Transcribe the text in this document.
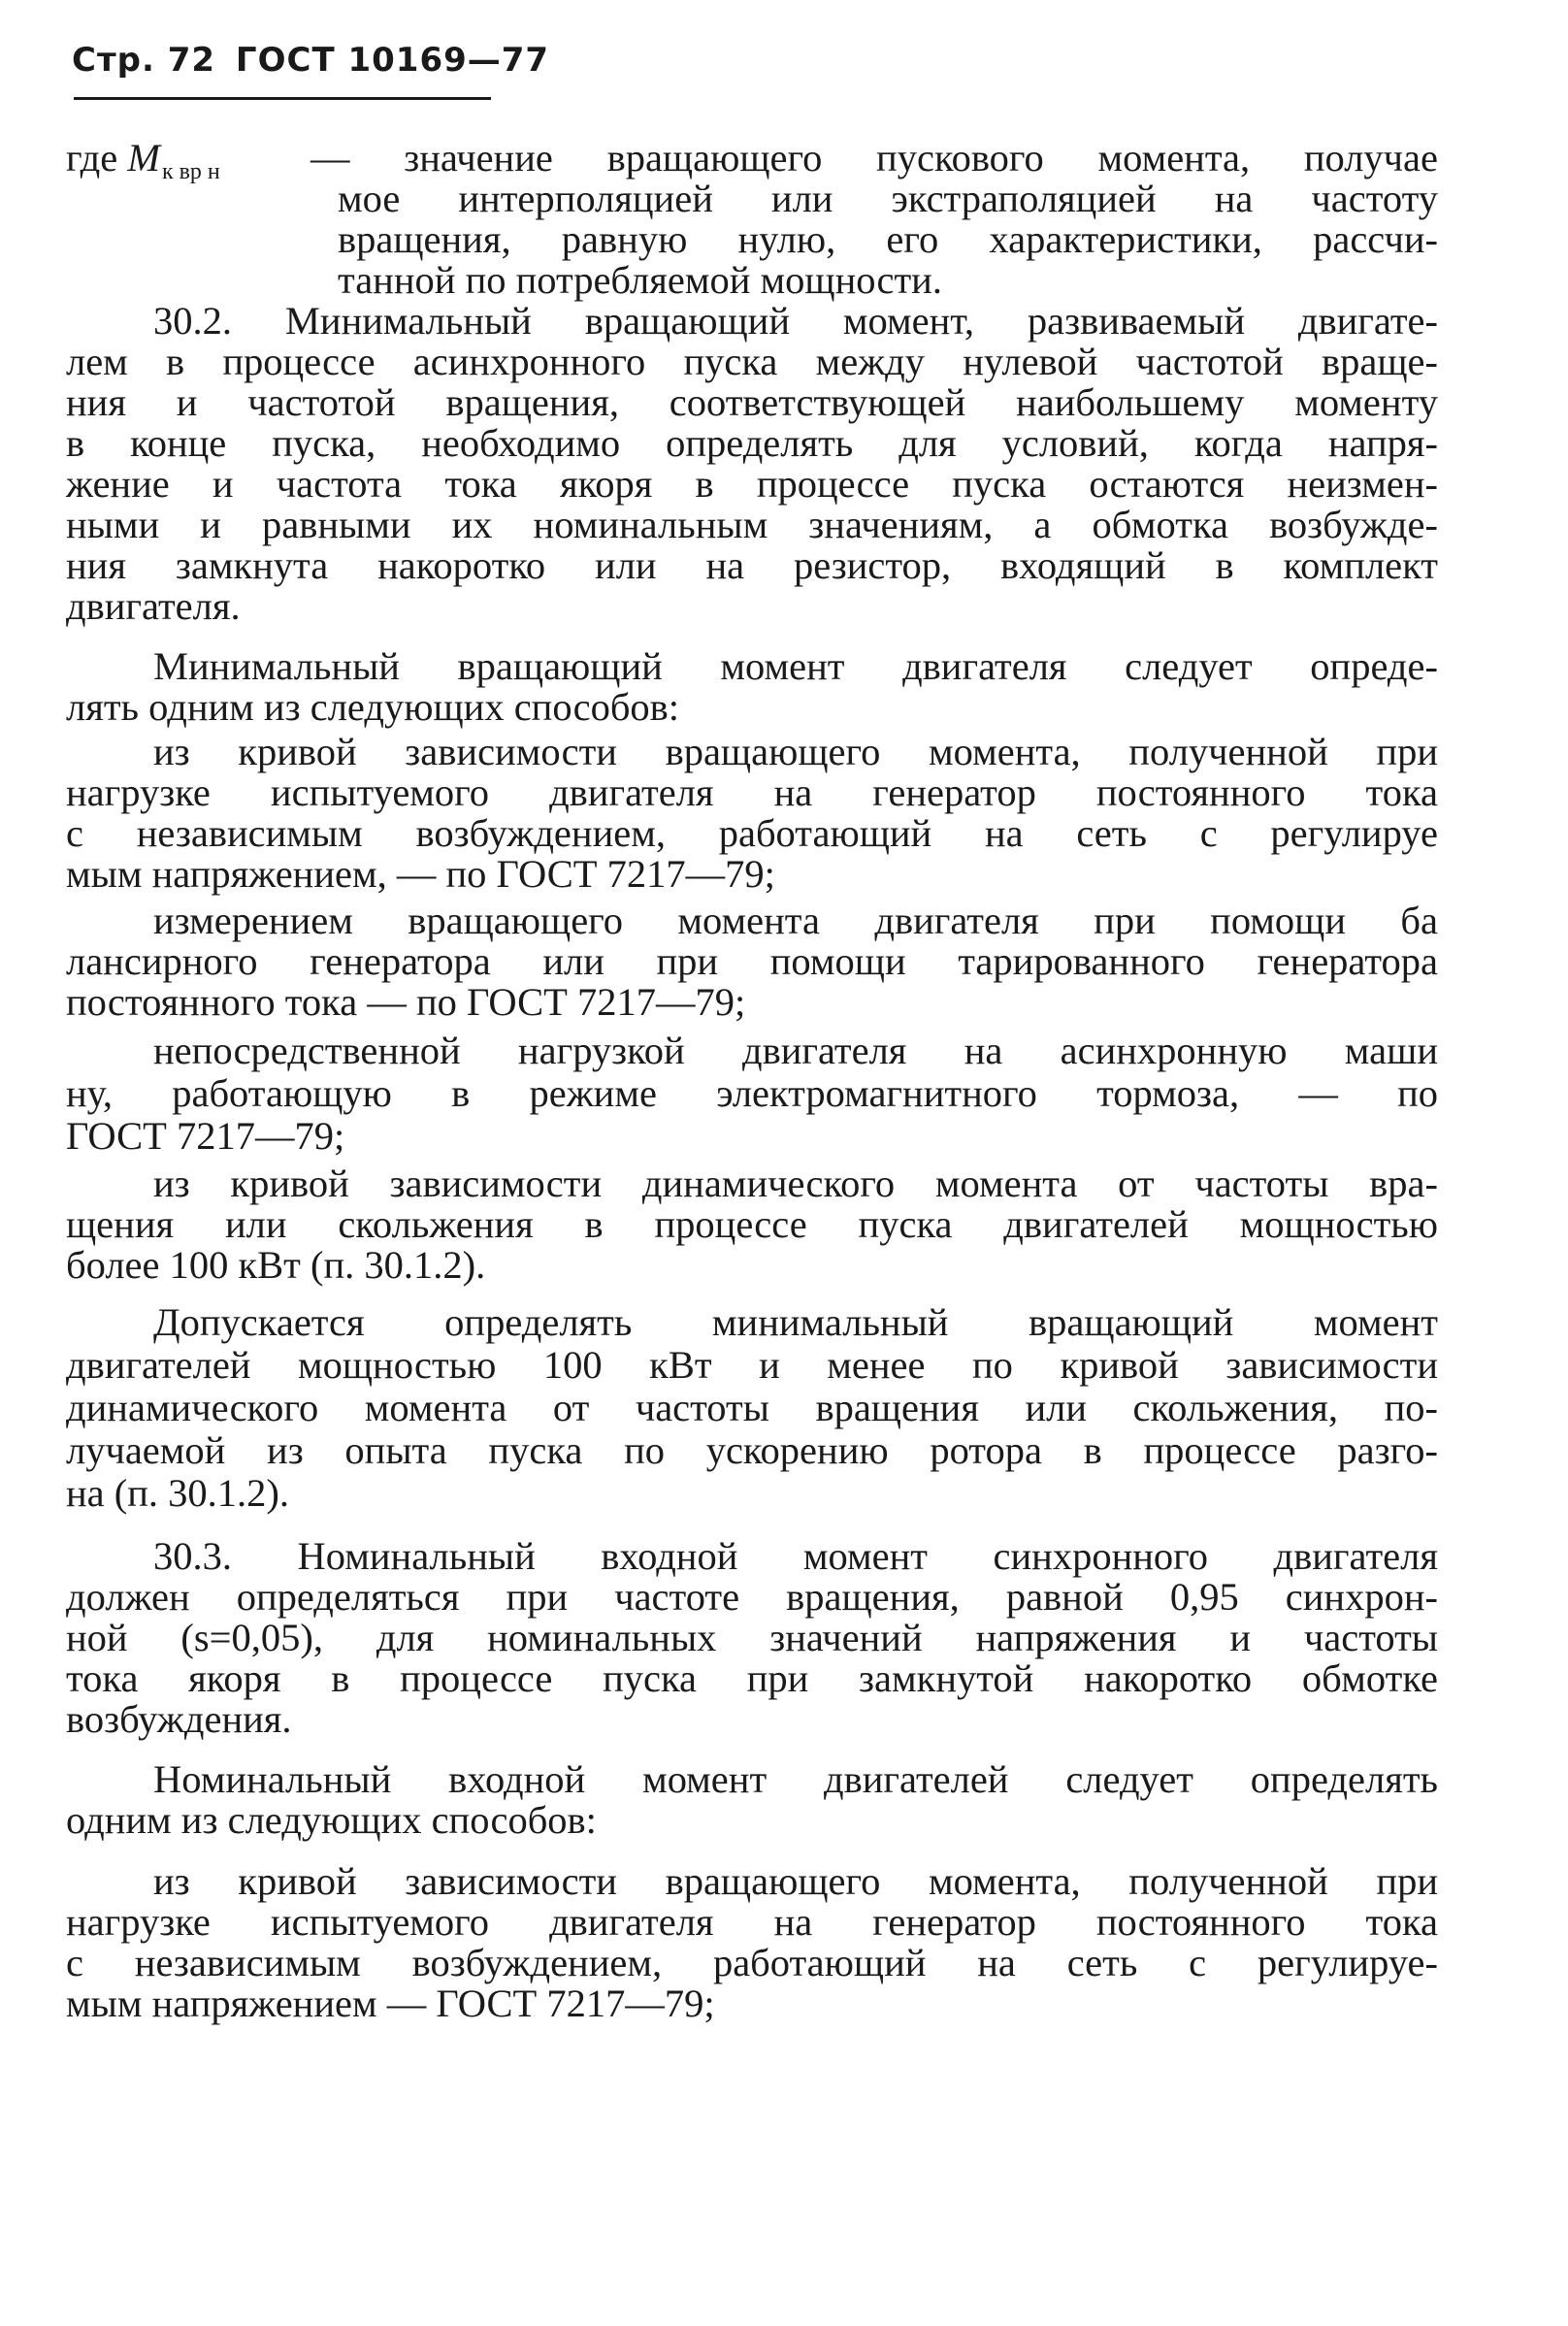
Стр. 72 ГОСТ 10169—77
где $M_{к вр н}$ — значение вращающего пускового момента, получае
мое интерполяцией или экстраполяцией на частоту
вращения, равную нулю, его характеристики, рассчи-
танной по потребляемой мощности.
30.2. Минимальный вращающий момент, развиваемый двигате-
лем в процессе асинхронного пуска между нулевой частотой враще-
ния и частотой вращения, соответствующей наибольшему моменту
в конце пуска, необходимо определять для условий, когда напря-
жение и частота тока якоря в процессе пуска остаются неизмен-
ными и равными их номинальным значениям, а обмотка возбужде-
ния замкнута накоротко или на резистор, входящий в комплект
двигателя.
Минимальный вращающий момент двигателя следует опреде-
лять одним из следующих способов:
из кривой зависимости вращающего момента, полученной при
нагрузке испытуемого двигателя на генератор постоянного тока
с независимым возбуждением, работающий на сеть с регулируе
мым напряжением, — по ГОСТ 7217—79;
измерением вращающего момента двигателя при помощи ба
лансирного генератора или при помощи тарированного генератора
постоянного тока — по ГОСТ 7217—79;
непосредственной нагрузкой двигателя на асинхронную маши
ну, работающую в режиме электромагнитного тормоза, — по
ГОСТ 7217—79;
из кривой зависимости динамического момента от частоты вра-
щения или скольжения в процессе пуска двигателей мощностью
более 100 кВт (п. 30.1.2).
Допускается определять минимальный вращающий момент
двигателей мощностью 100 кВт и менее по кривой зависимости
динамического момента от частоты вращения или скольжения, по-
лучаемой из опыта пуска по ускорению ротора в процессе разго-
на (п. 30.1.2).
30.3. Номинальный входной момент синхронного двигателя
должен определяться при частоте вращения, равной 0,95 синхрон-
ной (s=0,05), для номинальных значений напряжения и частоты
тока якоря в процессе пуска при замкнутой накоротко обмотке
возбуждения.
Номинальный входной момент двигателей следует определять
одним из следующих способов:
из кривой зависимости вращающего момента, полученной при
нагрузке испытуемого двигателя на генератор постоянного тока
с независимым возбуждением, работающий на сеть с регулируе-
мым напряжением — ГОСТ 7217—79;
